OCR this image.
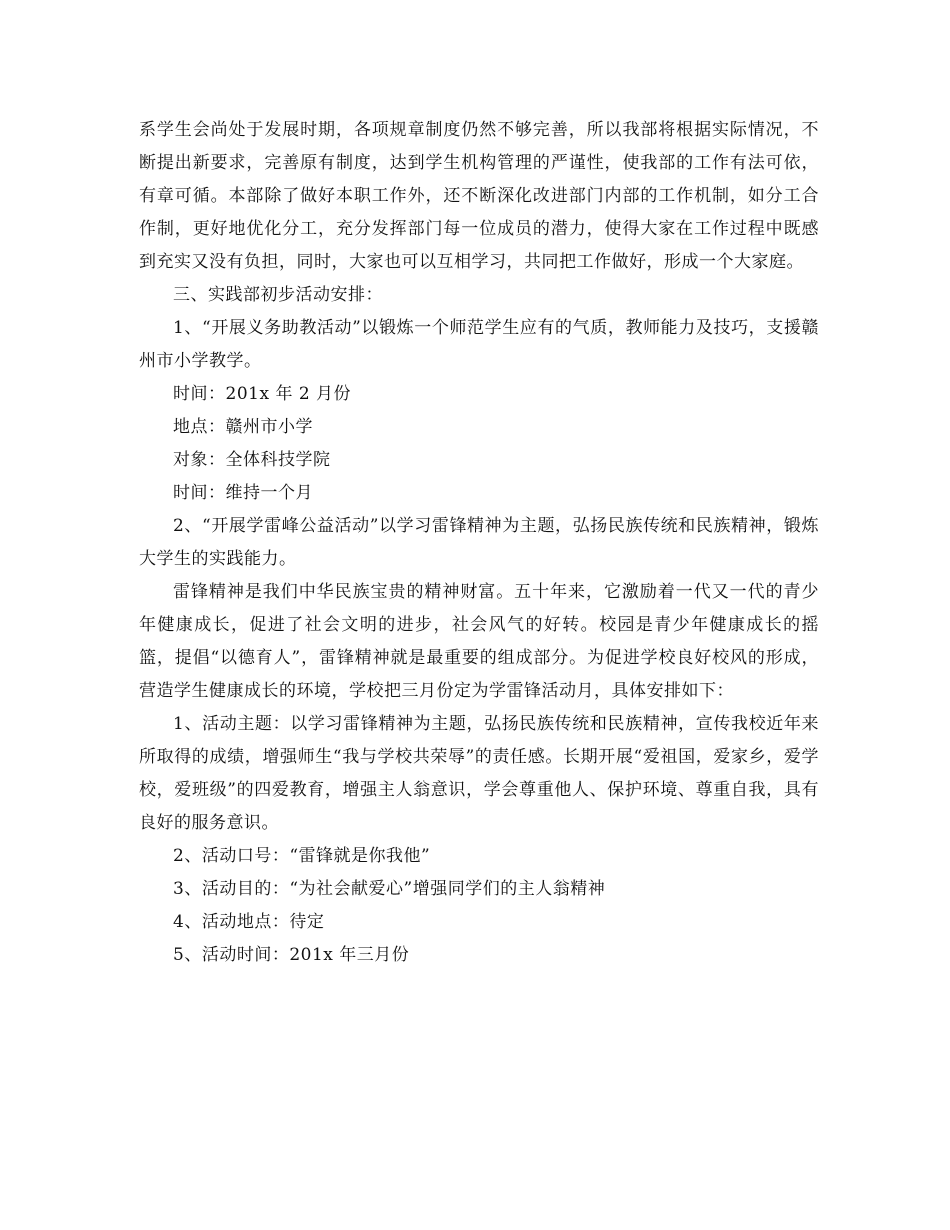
系学生会尚处于发展时期，各项规章制度仍然不够完善，所以我部将根据实际情况，不断提出新要求，完善原有制度，达到学生机构管理的严谨性，使我部的工作有法可依，有章可循。本部除了做好本职工作外，还不断深化改进部门内部的工作机制，如分工合作制，更好地优化分工，充分发挥部门每一位成员的潜力，使得大家在工作过程中既感到充实又没有负担，同时，大家也可以互相学习，共同把工作做好，形成一个大家庭。

三、实践部初步活动安排：

1、“开展义务助教活动”以锻炼一个师范学生应有的气质，教师能力及技巧，支援赣州市小学教学。

时间：201x 年 2 月份

地点：赣州市小学

对象：全体科技学院

时间：维持一个月

2、“开展学雷峰公益活动”以学习雷锋精神为主题，弘扬民族传统和民族精神，锻炼大学生的实践能力。

雷锋精神是我们中华民族宝贵的精神财富。五十年来，它激励着一代又一代的青少年健康成长，促进了社会文明的进步，社会风气的好转。校园是青少年健康成长的摇篮，提倡“以德育人”，雷锋精神就是最重要的组成部分。为促进学校良好校风的形成，营造学生健康成长的环境，学校把三月份定为学雷锋活动月，具体安排如下：

1、活动主题：以学习雷锋精神为主题，弘扬民族传统和民族精神，宣传我校近年来所取得的成绩，增强师生“我与学校共荣辱”的责任感。长期开展“爱祖国，爱家乡，爱学校，爱班级”的四爱教育，增强主人翁意识，学会尊重他人、保护环境、尊重自我，具有良好的服务意识。

2、活动口号：“雷锋就是你我他”

3、活动目的：“为社会献爱心”增强同学们的主人翁精神

4、活动地点：待定

5、活动时间：201x 年三月份
